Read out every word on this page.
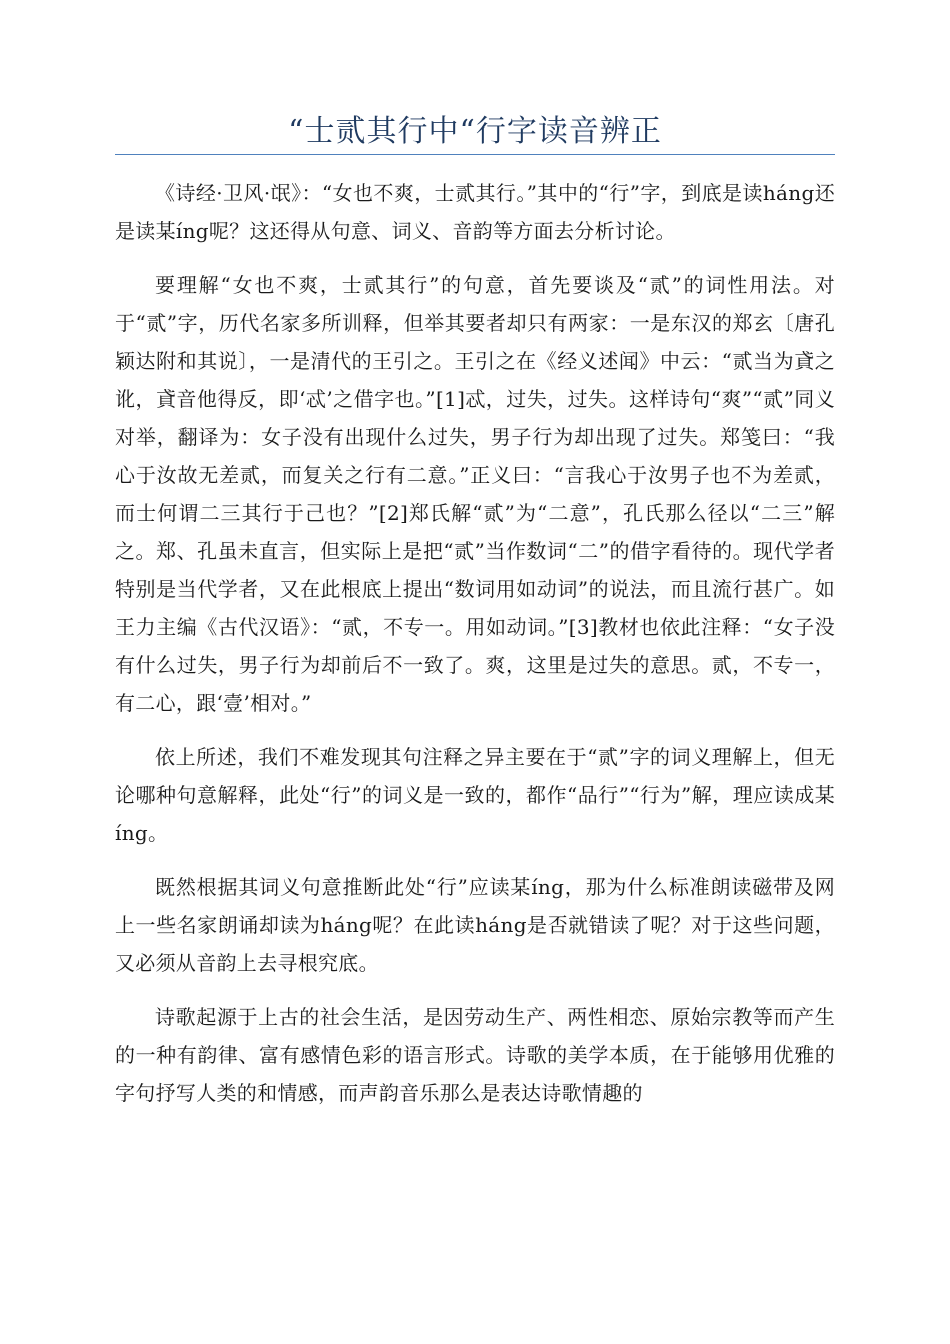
“士贰其行中“行字读音辨正

《诗经·卫风·氓》：“女也不爽，士贰其行。”其中的“行”字，到底是读háng还是读某íng呢？这还得从句意、词义、音韵等方面去分析讨论。

要理解“女也不爽，士贰其行”的句意，首先要谈及“贰”的词性用法。对于“贰”字，历代名家多所训释，但举其要者却只有两家：一是东汉的郑玄〔唐孔颖达附和其说〕，一是清代的王引之。王引之在《经义述闻》中云：“贰当为貣之讹，貣音他得反，即‘忒’之借字也。”[1]忒，过失，过失。这样诗句“爽”“贰”同义对举，翻译为：女子没有出现什么过失，男子行为却出现了过失。郑笺曰：“我心于汝故无差贰，而复关之行有二意。”正义曰：“言我心于汝男子也不为差贰，而士何谓二三其行于己也？”[2]郑氏解“贰”为“二意”，孔氏那么径以“二三”解之。郑、孔虽未直言，但实际上是把“贰”当作数词“二”的借字看待的。现代学者特别是当代学者，又在此根底上提出“数词用如动词”的说法，而且流行甚广。如王力主编《古代汉语》：“贰，不专一。用如动词。”[3]教材也依此注释：“女子没有什么过失，男子行为却前后不一致了。爽，这里是过失的意思。贰，不专一，有二心，跟‘壹’相对。”

依上所述，我们不难发现其句注释之异主要在于“贰”字的词义理解上，但无论哪种句意解释，此处“行”的词义是一致的，都作“品行”“行为”解，理应读成某íng。

既然根据其词义句意推断此处“行”应读某íng，那为什么标准朗读磁带及网上一些名家朗诵却读为háng呢？在此读háng是否就错读了呢？对于这些问题，又必须从音韵上去寻根究底。

诗歌起源于上古的社会生活，是因劳动生产、两性相恋、原始宗教等而产生的一种有韵律、富有感情色彩的语言形式。诗歌的美学本质，在于能够用优雅的字句抒写人类的和情感，而声韵音乐那么是表达诗歌情趣的
